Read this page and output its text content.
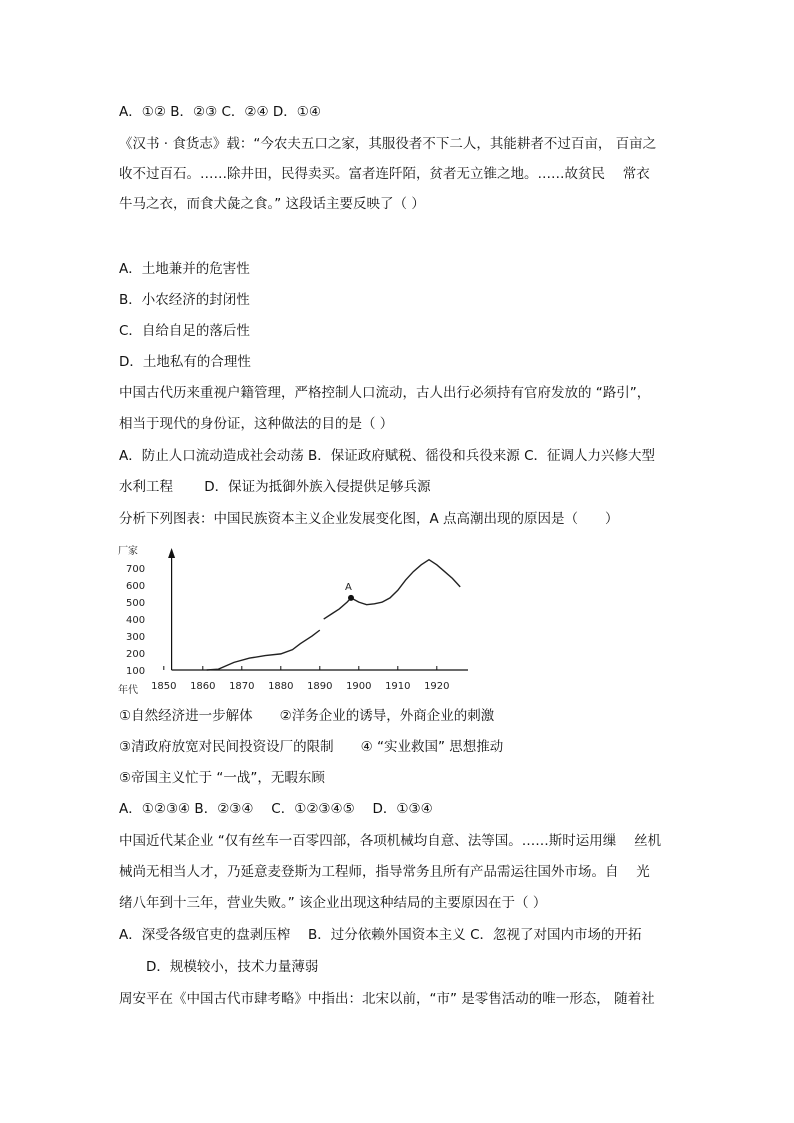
A．①② B．②③ C．②④ D．①④
《汉书 · 食货志》载：“今农夫五口之家，其服役者不下二人，其能耕者不过百亩， 百亩之
收不过百石。……除井田，民得卖买。富者连阡陌，贫者无立锥之地。……故贫民　 常衣
牛马之衣，而食犬彘之食。” 这段话主要反映了（ ）
A．土地兼并的危害性
B．小农经济的封闭性
C．自给自足的落后性
D．土地私有的合理性
中国古代历来重视户籍管理，严格控制人口流动，古人出行必须持有官府发放的 “路引”，
相当于现代的身份证，这种做法的目的是（ ）
A．防止人口流动造成社会动荡 B．保证政府赋税、徭役和兵役来源 C．征调人力兴修大型
水利工程　　 D．保证为抵御外族入侵提供足够兵源
分析下列图表：中国民族资本主义企业发展变化图，A 点高潮出现的原因是（　　）
厂家
年代
100
200
300
400
500
600
700
1850 1860 1870 1880 1890 1900 1910 1920
A
①自然经济进一步解体　　②洋务企业的诱导，外商企业的刺激
③清政府放宽对民间投资设厂的限制　　④ “实业救国” 思想推动
⑤帝国主义忙于 “一战”，无暇东顾
A．①②③④ B．②③④　 C．①②③④⑤　 D．①③④
中国近代某企业 “仅有丝车一百零四部，各项机械均自意、法等国。……斯时运用缫　 丝机
械尚无相当人才，乃延意麦登斯为工程师，指导常务且所有产品需运往国外市场。自　 光
绪八年到十三年，营业失败。” 该企业出现这种结局的主要原因在于（ ）
A．深受各级官吏的盘剥压榨　 B．过分依赖外国资本主义 C．忽视了对国内市场的开拓
D．规模较小，技术力量薄弱
周安平在《中国古代市肆考略》中指出：北宋以前，“市” 是零售活动的唯一形态， 随着社
